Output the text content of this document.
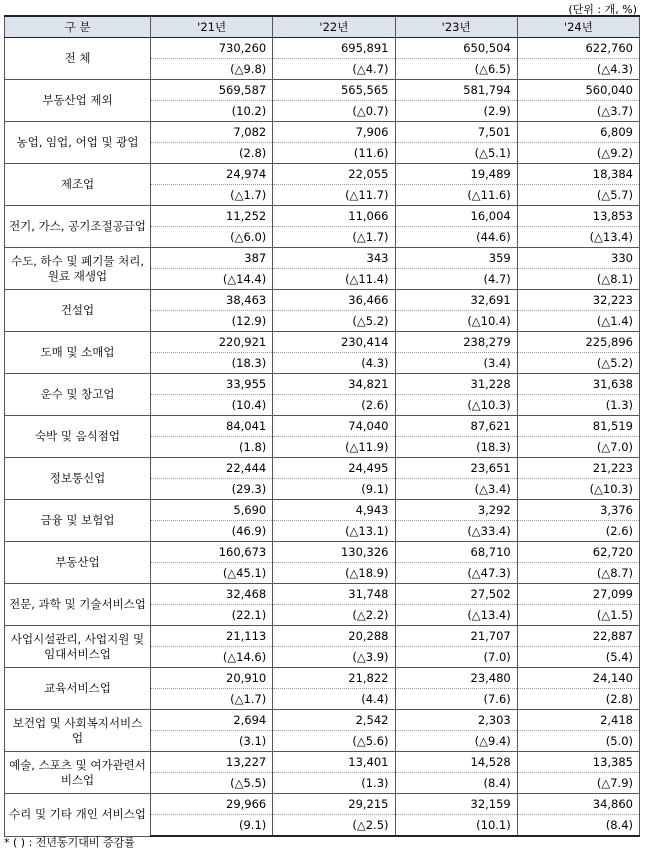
(단위 : 개, %)
구 분	'21년	'22년	'23년	'24년
전 체	730,260	695,891	650,504	622,760
	(△9.8)	(△4.7)	(△6.5)	(△4.3)
부동산업 제외	569,587	565,565	581,794	560,040
	(10.2)	(△0.7)	(2.9)	(△3.7)
농업, 임업, 어업 및 광업	7,082	7,906	7,501	6,809
	(2.8)	(11.6)	(△5.1)	(△9.2)
제조업	24,974	22,055	19,489	18,384
	(△1.7)	(△11.7)	(△11.6)	(△5.7)
전기, 가스, 공기조절공급업	11,252	11,066	16,004	13,853
	(△6.0)	(△1.7)	(44.6)	(△13.4)
수도, 하수 및 폐기물 처리, 원료 재생업	387	343	359	330
	(△14.4)	(△11.4)	(4.7)	(△8.1)
건설업	38,463	36,466	32,691	32,223
	(12.9)	(△5.2)	(△10.4)	(△1.4)
도매 및 소매업	220,921	230,414	238,279	225,896
	(18.3)	(4.3)	(3.4)	(△5.2)
운수 및 창고업	33,955	34,821	31,228	31,638
	(10.4)	(2.6)	(△10.3)	(1.3)
숙박 및 음식점업	84,041	74,040	87,621	81,519
	(1.8)	(△11.9)	(18.3)	(△7.0)
정보통신업	22,444	24,495	23,651	21,223
	(29.3)	(9.1)	(△3.4)	(△10.3)
금융 및 보험업	5,690	4,943	3,292	3,376
	(46.9)	(△13.1)	(△33.4)	(2.6)
부동산업	160,673	130,326	68,710	62,720
	(△45.1)	(△18.9)	(△47.3)	(△8.7)
전문, 과학 및 기술서비스업	32,468	31,748	27,502	27,099
	(22.1)	(△2.2)	(△13.4)	(△1.5)
사업시설관리, 사업지원 및 임대서비스업	21,113	20,288	21,707	22,887
	(△14.6)	(△3.9)	(7.0)	(5.4)
교육서비스업	20,910	21,822	23,480	24,140
	(△1.7)	(4.4)	(7.6)	(2.8)
보건업 및 사회복지서비스업	2,694	2,542	2,303	2,418
	(3.1)	(△5.6)	(△9.4)	(5.0)
예술, 스포츠 및 여가관련서비스업	13,227	13,401	14,528	13,385
	(△5.5)	(1.3)	(8.4)	(△7.9)
수리 및 기타 개인 서비스업	29,966	29,215	32,159	34,860
	(9.1)	(△2.5)	(10.1)	(8.4)
* ( ) : 전년동기대비 증감률
